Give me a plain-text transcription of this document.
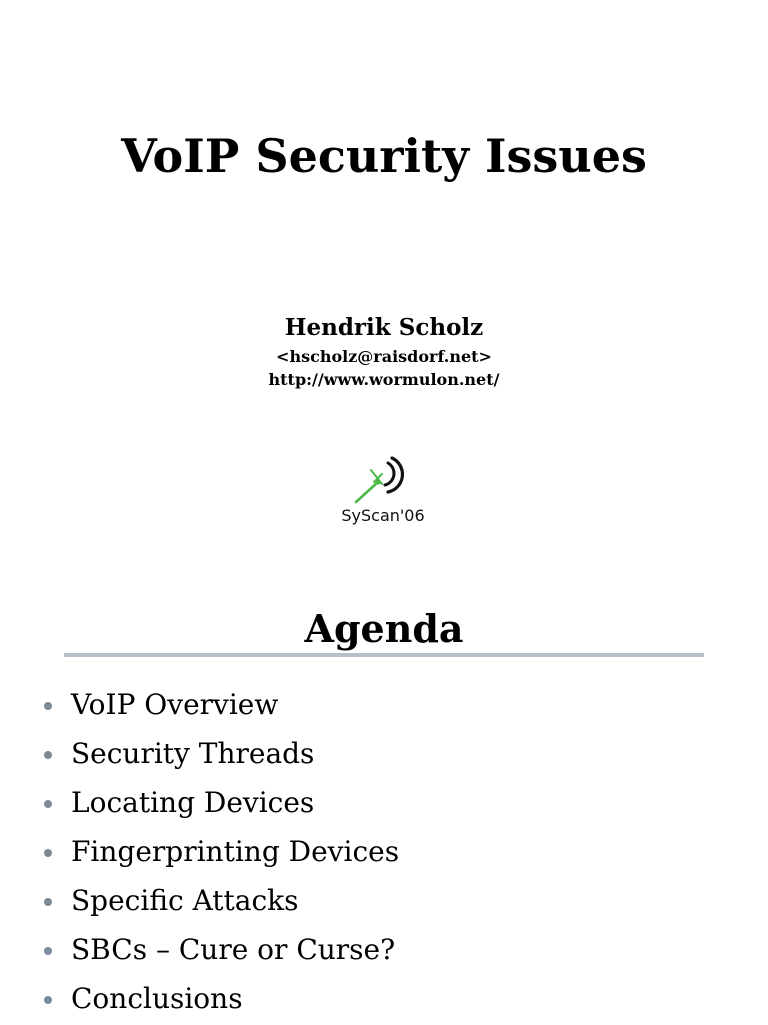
VoIP Security Issues
Hendrik Scholz
<hscholz@raisdorf.net>
http://www.wormulon.net/
SyScan'06
Agenda
VoIP Overview
Security Threads
Locating Devices
Fingerprinting Devices
Specific Attacks
SBCs – Cure or Curse?
Conclusions
